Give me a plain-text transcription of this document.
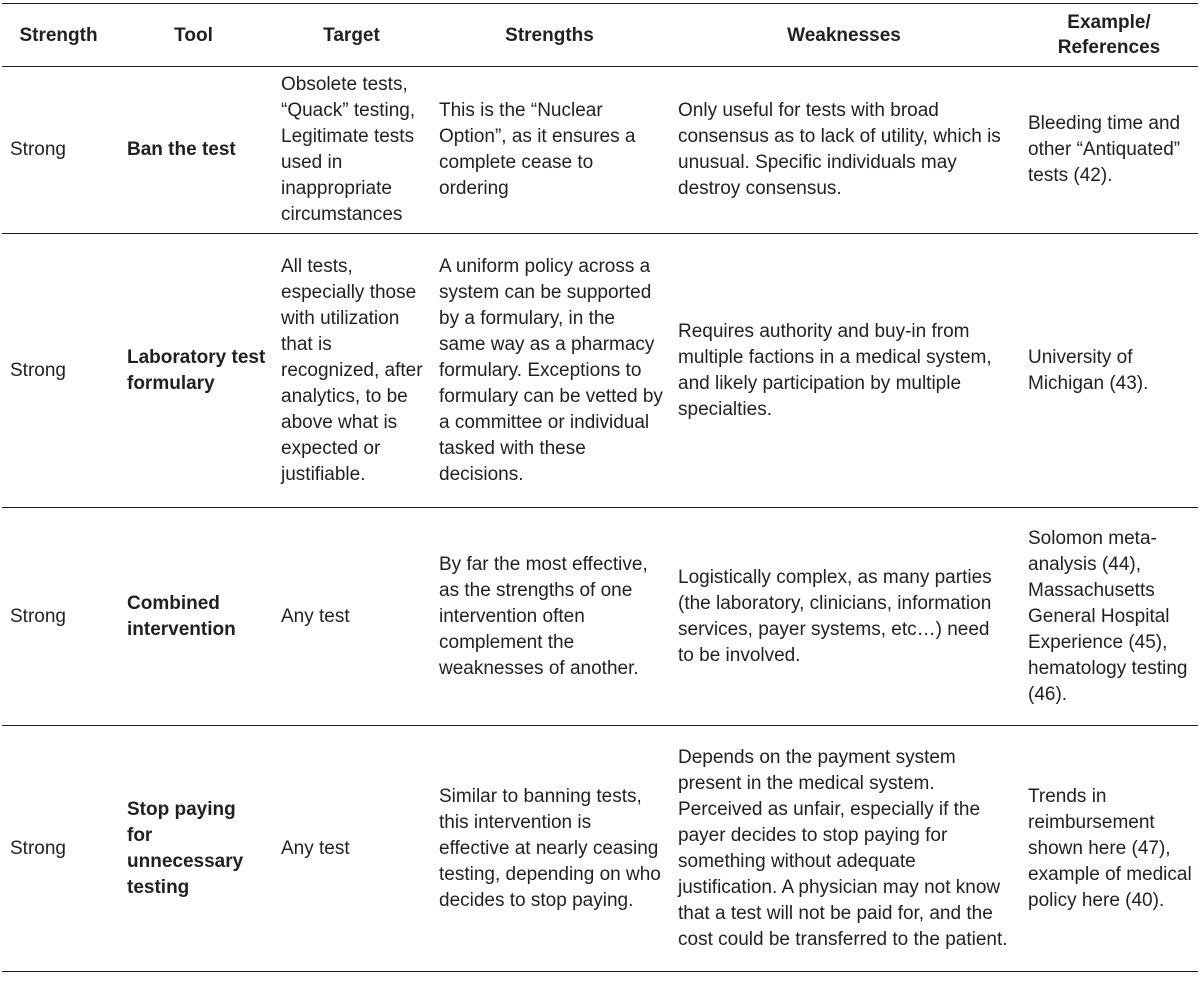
Strength	Tool	Target	Strengths	Weaknesses	Example/ References
Strong	Ban the test	Obsolete tests, “Quack” testing, Legitimate tests used in inappropriate circumstances	This is the “Nuclear Option”, as it ensures a complete cease to ordering	Only useful for tests with broad consensus as to lack of utility, which is unusual. Specific individuals may destroy consensus.	Bleeding time and other “Antiquated” tests (42).
Strong	Laboratory test formulary	All tests, especially those with utilization that is recognized, after analytics, to be above what is expected or justifiable.	A uniform policy across a system can be supported by a formulary, in the same way as a pharmacy formulary. Exceptions to formulary can be vetted by a committee or individual tasked with these decisions.	Requires authority and buy-in from multiple factions in a medical system, and likely participation by multiple specialties.	University of Michigan (43).
Strong	Combined intervention	Any test	By far the most effective, as the strengths of one intervention often complement the weaknesses of another.	Logistically complex, as many parties (the laboratory, clinicians, information services, payer systems, etc…) need to be involved.	Solomon meta-analysis (44), Massachusetts General Hospital Experience (45), hematology testing (46).
Strong	Stop paying for unnecessary testing	Any test	Similar to banning tests, this intervention is effective at nearly ceasing testing, depending on who decides to stop paying.	Depends on the payment system present in the medical system. Perceived as unfair, especially if the payer decides to stop paying for something without adequate justification. A physician may not know that a test will not be paid for, and the cost could be transferred to the patient.	Trends in reimbursement shown here (47), example of medical policy here (40).
